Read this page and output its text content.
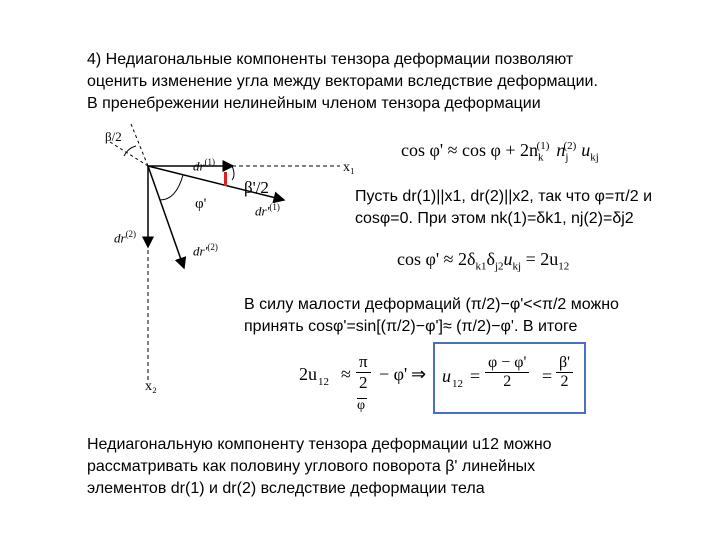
4) Недиагональные компоненты тензора деформации позволяют
оценить изменение угла между векторами вследствие деформации.
В пренебрежении нелинейным членом тензора деформации
β/2
x₁
x₂
$dr^{(1)}$
$dr'^{(1)}$
$dr^{(2)}$
$dr'^{(2)}$
φ'
β'/2
$\cos \varphi' \approx \cos \varphi + 2n_k^{(1)}$ $n_j^{(2)}$ $u_{kj}$
Пусть dr(1)||x1, dr(2)||x2, так что φ=π/2 и
cosφ=0. При этом nk(1)=δk1, nj(2)=δj2
$\cos \varphi' \approx 2\delta_{k1}\delta_{j2}u_{kj} = 2u_{12}$
В силу малости деформаций (π/2)−φ'<<π/2 можно
принять cosφ'=sin[(π/2)−φ']≈ (π/2)−φ'. В итоге
2u $12 \approx \frac{\pi}{2} - \varphi'$
φ
⇒ u $12 = \frac{\varphi - \varphi'}{2} = \frac{\beta'}{2}$
Недиагональную компоненту тензора деформации u12 можно
рассматривать как половину углового поворота β' линейных
элементов dr(1) и dr(2) вследствие деформации тела
